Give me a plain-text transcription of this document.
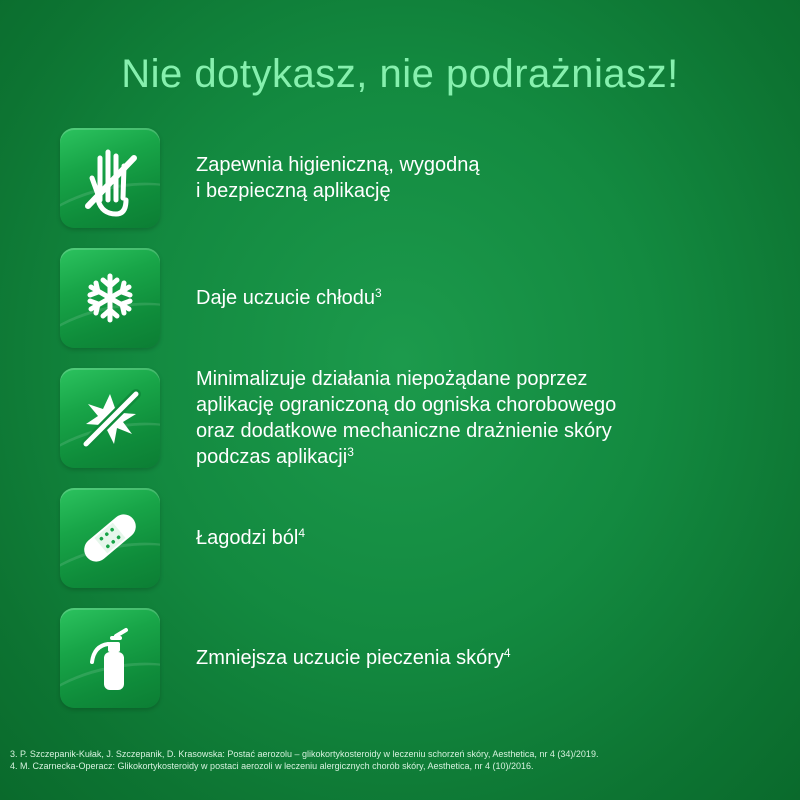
Nie dotykasz, nie podrażniasz!
Zapewnia higieniczną, wygodną
i bezpieczną aplikację
Daje uczucie chłodu$^3$
Minimalizuje działania niepożądane poprzez
aplikację ograniczoną do ogniska chorobowego
oraz dodatkowe mechaniczne drażnienie skóry
podczas aplikacji$^3$
Łagodzi ból$^4$
Zmniejsza uczucie pieczenia skóry$^4$
3. P. Szczepanik-Kułak, J. Szczepanik, D. Krasowska: Postać aerozolu – glikokortykosteroidy w leczeniu schorzeń skóry, Aesthetica, nr 4 (34)/2019.
4. M. Czarnecka-Operacz: Glikokortykosteroidy w postaci aerozoli w leczeniu alergicznych chorób skóry, Aesthetica, nr 4 (10)/2016.
